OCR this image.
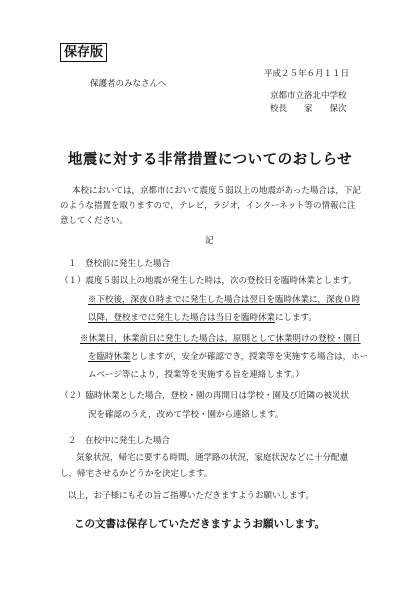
保存版
平成２５年６月１１日
保護者のみなさんへ
京都市立洛北中学校
校長　　家　　保次
地震に対する非常措置についてのおしらせ
本校においては，京都市において震度５弱以上の地震があった場合は，下記
のような措置を取りますので，テレビ，ラジオ，インターネット等の情報に注
意してください。
記
１　登校前に発生した場合
（１）震度５弱以上の地震が発生した時は，次の登校日を臨時休業とします。
※下校後，深夜０時までに発生した場合は翌日を臨時休業に，深夜０時
以降，登校までに発生した場合は当日を臨時休業にします。
※休業日，休業前日に発生した場合は，原則として休業明けの登校・園日
を臨時休業としますが，安全が確認でき，授業等を実施する場合は，ホー
ムページ等により，授業等を実施する旨を連絡します。）
（２）臨時休業とした場合，登校・園の再開日は学校・園及び近隣の被災状
況を確認のうえ，改めて学校・園から連絡します。
２　在校中に発生した場合
気象状況，帰宅に要する時間，通学路の状況，家庭状況などに十分配慮
し，帰宅させるかどうかを決定します。
以上，お子様にもその旨ご指導いただきますようお願いします。
この文書は保存していただきますようお願いします。
